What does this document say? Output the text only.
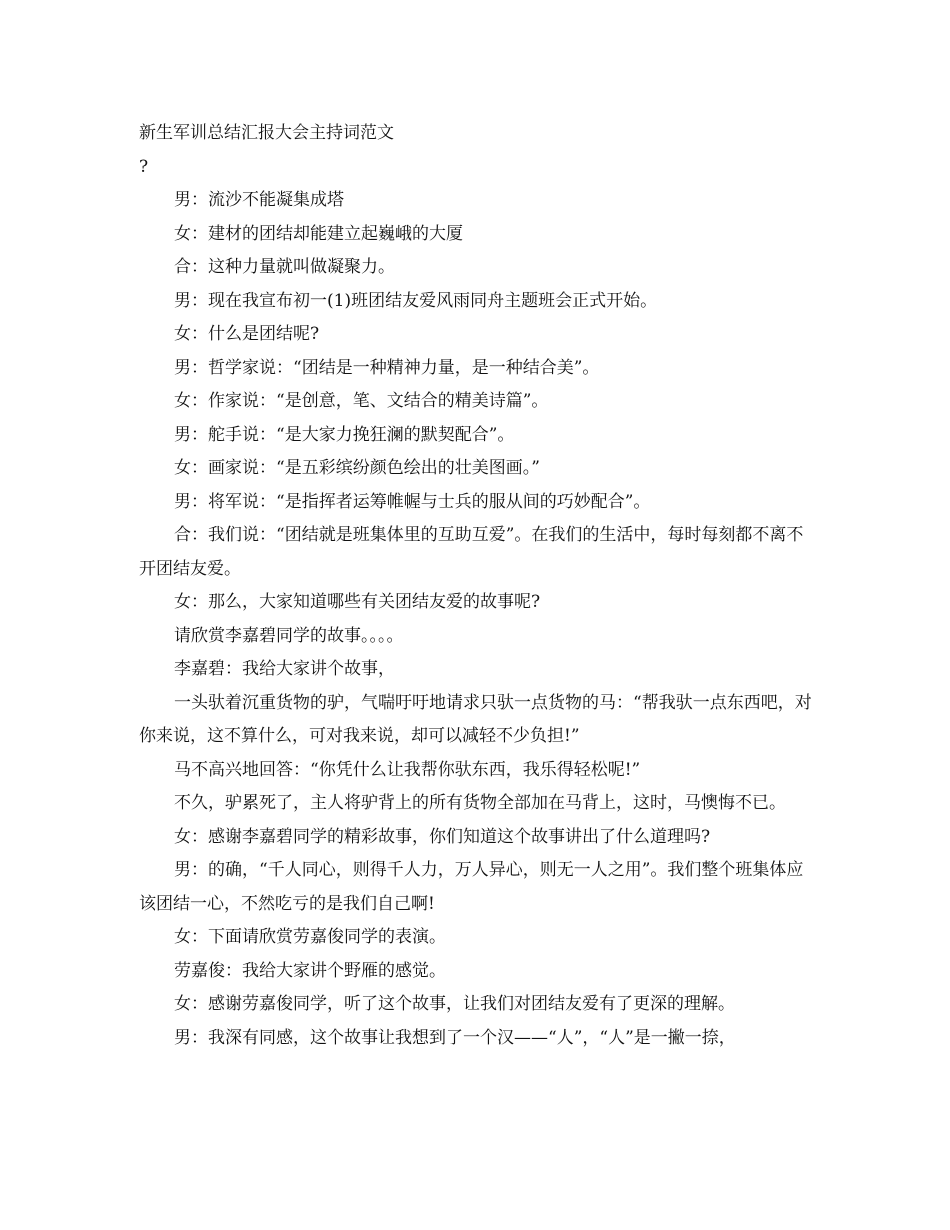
新生军训总结汇报大会主持词范文

?

男：流沙不能凝集成塔

女：建材的团结却能建立起巍峨的大厦

合：这种力量就叫做凝聚力。

男：现在我宣布初一(1)班团结友爱风雨同舟主题班会正式开始。

女：什么是团结呢?

男：哲学家说：“团结是一种精神力量，是一种结合美”。

女：作家说：“是创意，笔、文结合的精美诗篇”。

男：舵手说：“是大家力挽狂澜的默契配合”。

女：画家说：“是五彩缤纷颜色绘出的壮美图画。”

男：将军说：“是指挥者运筹帷幄与士兵的服从间的巧妙配合”。

合：我们说：“团结就是班集体里的互助互爱”。在我们的生活中，每时每刻都不离不开团结友爱。

女：那么，大家知道哪些有关团结友爱的故事呢?

请欣赏李嘉碧同学的故事。。。。

李嘉碧：我给大家讲个故事，

一头驮着沉重货物的驴，气喘吁吁地请求只驮一点货物的马：“帮我驮一点东西吧，对你来说，这不算什么，可对我来说，却可以减轻不少负担!”

马不高兴地回答：“你凭什么让我帮你驮东西，我乐得轻松呢!”

不久，驴累死了，主人将驴背上的所有货物全部加在马背上，这时，马懊悔不已。

女：感谢李嘉碧同学的精彩故事，你们知道这个故事讲出了什么道理吗?

男：的确，“千人同心，则得千人力，万人异心，则无一人之用”。我们整个班集体应该团结一心，不然吃亏的是我们自己啊!

女：下面请欣赏劳嘉俊同学的表演。

劳嘉俊：我给大家讲个野雁的感觉。

女：感谢劳嘉俊同学，听了这个故事，让我们对团结友爱有了更深的理解。

男：我深有同感，这个故事让我想到了一个汉——“人”，“人”是一撇一捺，
